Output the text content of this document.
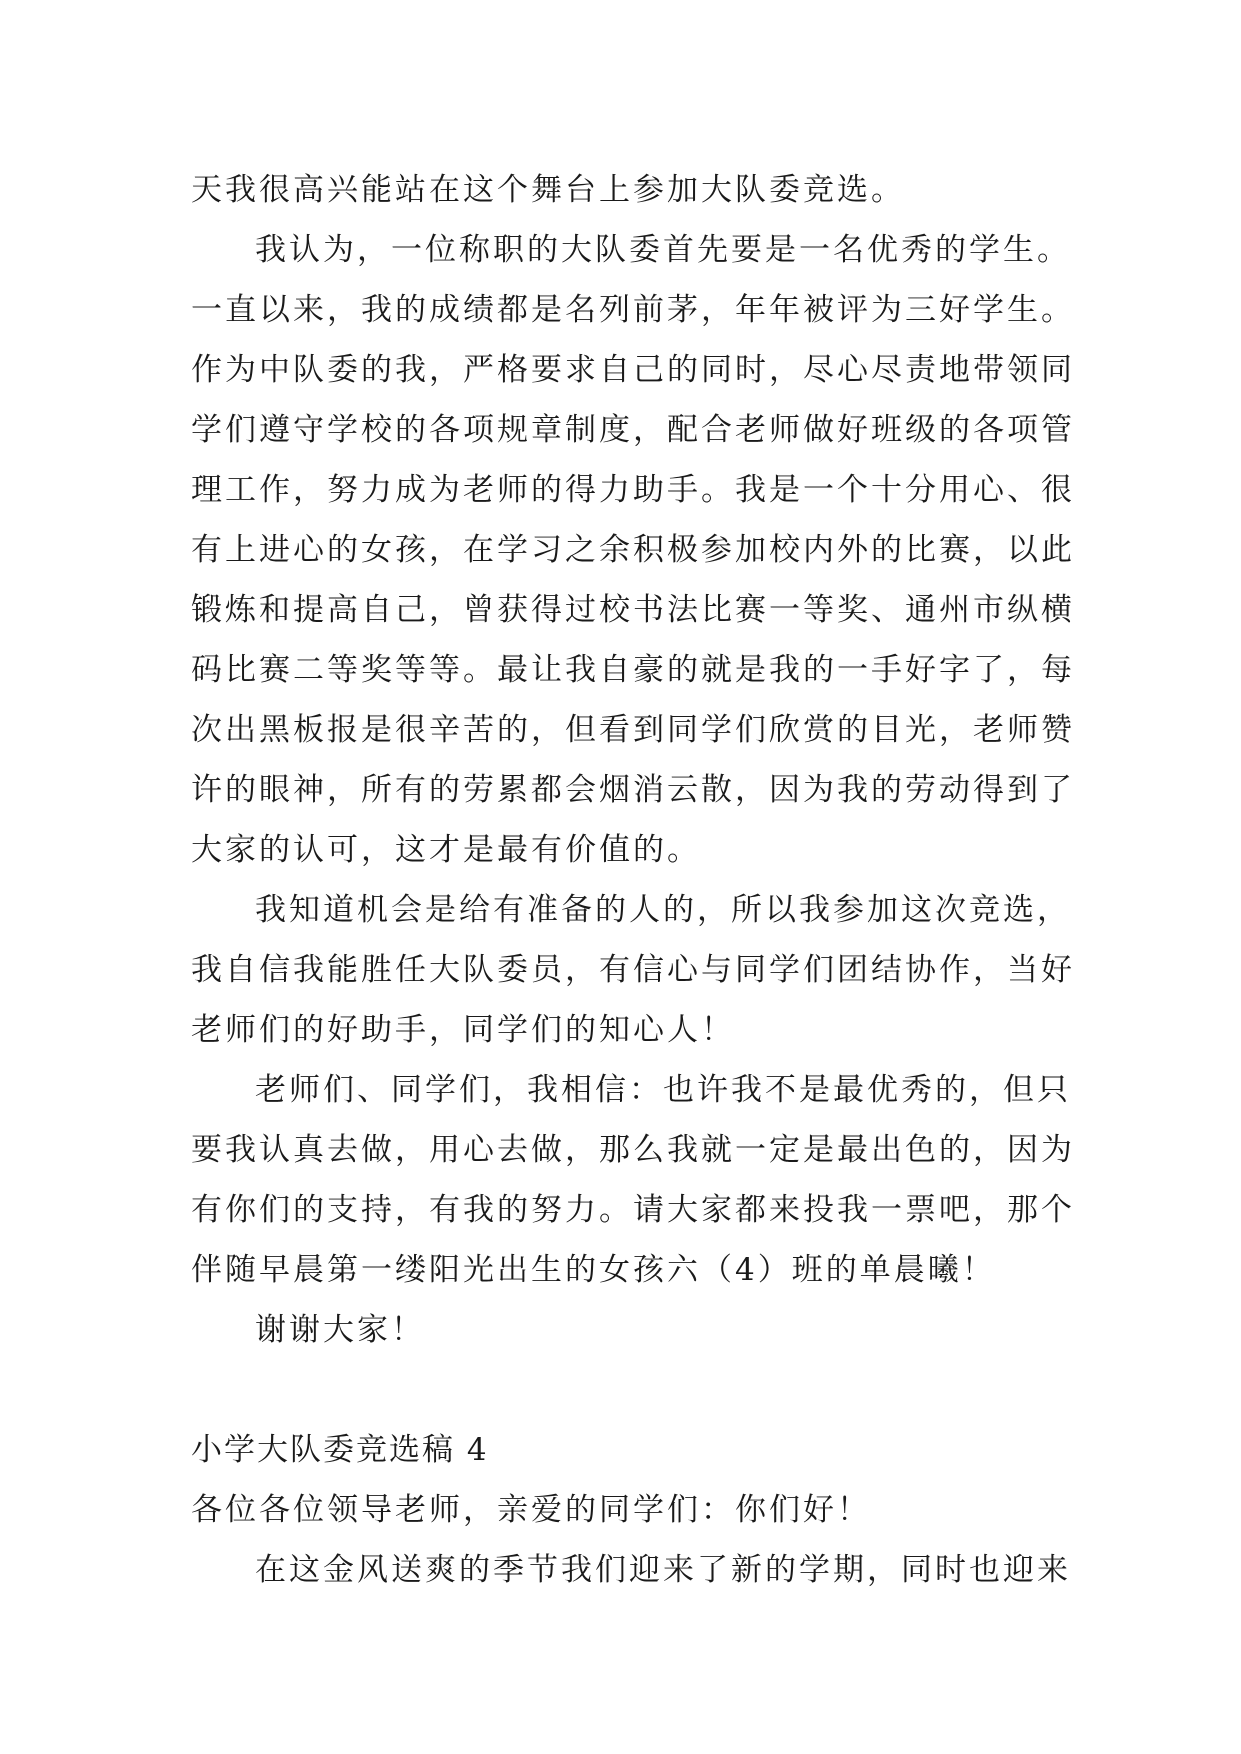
天我很高兴能站在这个舞台上参加大队委竞选。
我认为，一位称职的大队委首先要是一名优秀的学生。
一直以来，我的成绩都是名列前茅，年年被评为三好学生。
作为中队委的我，严格要求自己的同时，尽心尽责地带领同
学们遵守学校的各项规章制度，配合老师做好班级的各项管
理工作，努力成为老师的得力助手。我是一个十分用心、很
有上进心的女孩，在学习之余积极参加校内外的比赛，以此
锻炼和提高自己，曾获得过校书法比赛一等奖、通州市纵横
码比赛二等奖等等。最让我自豪的就是我的一手好字了，每
次出黑板报是很辛苦的，但看到同学们欣赏的目光，老师赞
许的眼神，所有的劳累都会烟消云散，因为我的劳动得到了
大家的认可，这才是最有价值的。
我知道机会是给有准备的人的，所以我参加这次竞选，
我自信我能胜任大队委员，有信心与同学们团结协作，当好
老师们的好助手，同学们的知心人！
老师们、同学们，我相信：也许我不是最优秀的，但只
要我认真去做，用心去做，那么我就一定是最出色的，因为
有你们的支持，有我的努力。请大家都来投我一票吧，那个
伴随早晨第一缕阳光出生的女孩六（4）班的单晨曦！
谢谢大家！
小学大队委竞选稿 4
各位各位领导老师，亲爱的同学们：你们好！
在这金风送爽的季节我们迎来了新的学期，同时也迎来
